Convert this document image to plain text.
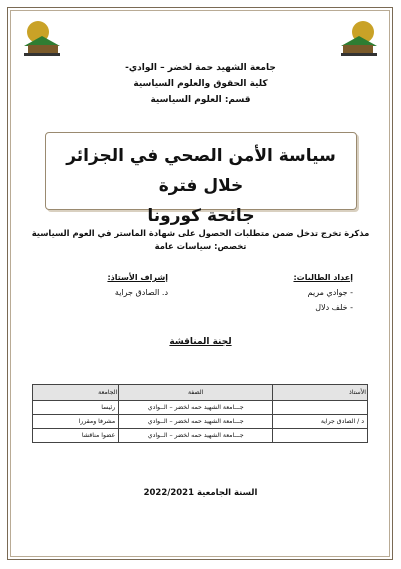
جامعة الشهيد حمة لخضر – الوادي-
كلية الحقوق والعلوم السياسية
قسم: العلوم السياسية
سياسة الأمن الصحي في الجزائر خلال فترة
جائحة كورونا
مذكرة تخرج تدخل ضمن متطلبات الحصول على شهادة الماستر في العوم السياسية
تخصص: سياسات عامة
إعداد الطالبات:
- جوادي مريم
- خلف دلال
إشراف الأستاذ:
د. الصادق جراية
لجنة المناقشة
الأستاذ	الصفة	الجامعة
	جـــامعة الشهيد حمه لخضر – الــوادي	رئيسا
د / الصادق جراية	جـــامعة الشهيد حمه لخضر – الــوادي	مشرفا ومقررا
	جـــامعة الشهيد حمه لخضر – الــوادي	عضوا مناقشا
السنة الجامعية 2022/2021
